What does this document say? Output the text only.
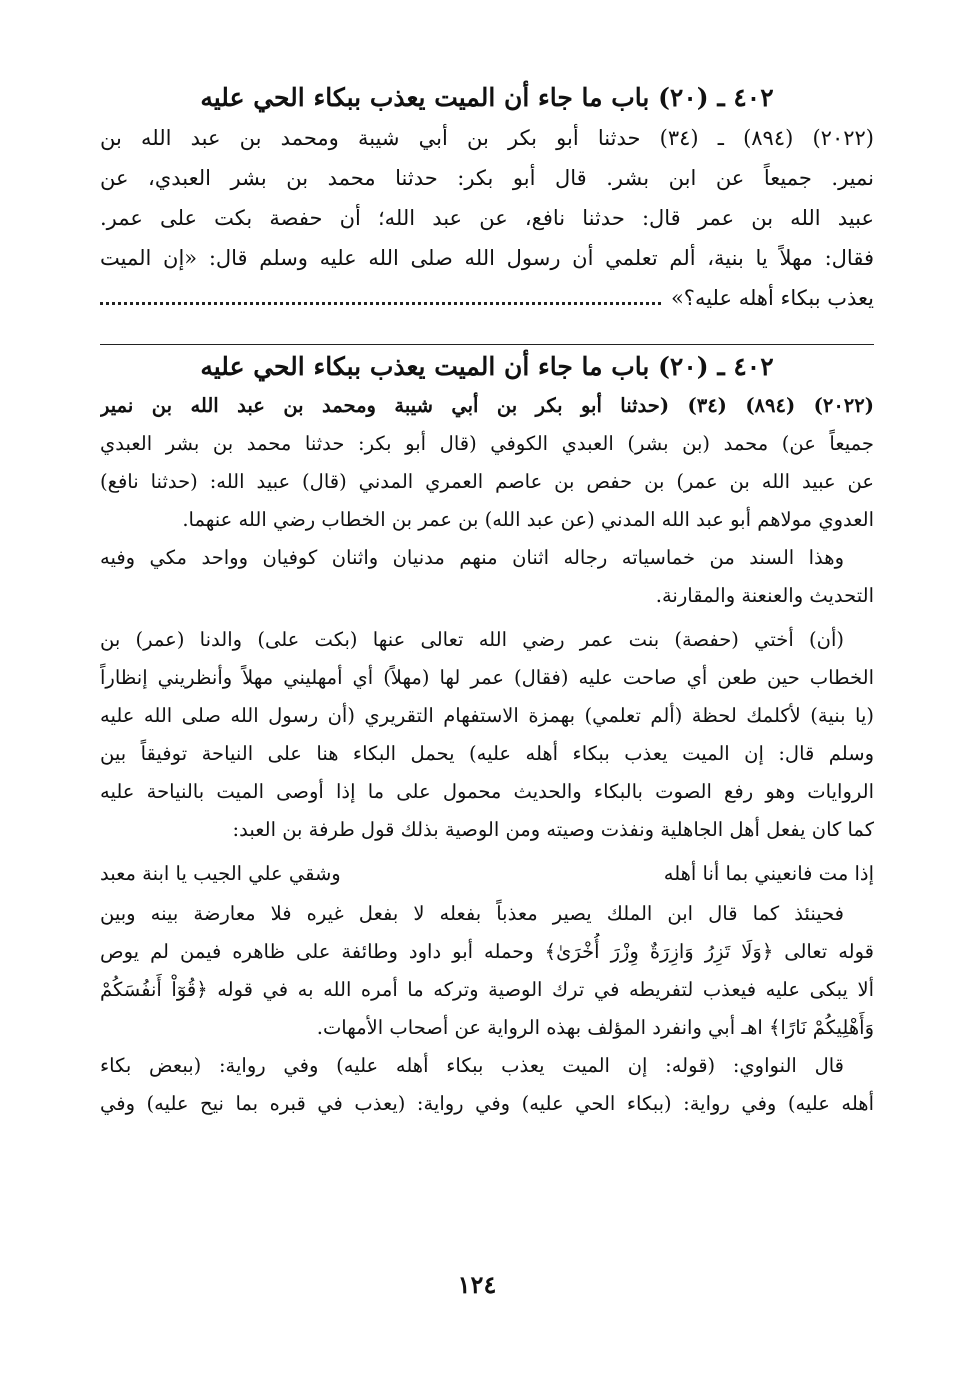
٤٠٢ ـ (٢٠) باب ما جاء أن الميت يعذب ببكاء الحي عليه
(٢٠٢٢) (٨٩٤) ـ (٣٤) حدثنا أبو بكر بن أبي شيبة ومحمد بن عبد الله بن
نمير. جميعاً عن ابن بشر. قال أبو بكر: حدثنا محمد بن بشر العبدي، عن
عبيد الله بن عمر قال: حدثنا نافع، عن عبد الله؛ أن حفصة بكت على عمر.
فقال: مهلاً يا بنية، ألم تعلمي أن رسول الله صلى الله عليه وسلم قال: «إن الميت
يعذب ببكاء أهله عليه؟»
٤٠٢ ـ (٢٠) باب ما جاء أن الميت يعذب ببكاء الحي عليه
(٢٠٢٢) (٨٩٤) (٣٤) (حدثنا أبو بكر بن أبي شيبة ومحمد بن عبد الله بن نمير
جميعاً عن) محمد (بن بشر) العبدي الكوفي (قال أبو بكر: حدثنا محمد بن بشر العبدي
عن عبيد الله بن عمر) بن حفص بن عاصم العمري المدني (قال) عبيد الله: (حدثنا نافع)
العدوي مولاهم أبو عبد الله المدني (عن عبد الله) بن عمر بن الخطاب رضي الله عنهما.
وهذا السند من خماسياته رجاله اثنان منهم مدنيان واثنان كوفيان وواحد مكي وفيه
التحديث والعنعنة والمقارنة.
(أن) أختي (حفصة) بنت عمر رضي الله تعالى عنها (بكت على) والدنا (عمر) بن
الخطاب حين طعن أي صاحت عليه (فقال) عمر لها (مهلاً) أي أمهليني مهلاً وأنظريني إنظاراً
(يا بنية) لأكلمك لحظة (ألم تعلمي) بهمزة الاستفهام التقريري (أن رسول الله صلى الله عليه
وسلم قال: إن الميت يعذب ببكاء أهله عليه) يحمل البكاء هنا على النياحة توفيقاً بين
الروايات وهو رفع الصوت بالبكاء والحديث محمول على ما إذا أوصى الميت بالنياحة عليه
كما كان يفعل أهل الجاهلية ونفذت وصيته ومن الوصية بذلك قول طرفة بن العبد:
إذا مت فانعيني بما أنا أهله
وشقي علي الجيب يا ابنة معبد
فحينئذ كما قال ابن الملك يصير معذباً بفعله لا بفعل غيره فلا معارضة بينه وبين
قوله تعالى ﴿وَلَا تَزِرُ وَازِرَةٌ وِزْرَ أُخْرَىٰ﴾ وحمله أبو داود وطائفة على ظاهره فيمن لم يوص
ألا يبكى عليه فيعذب لتفريطه في ترك الوصية وتركه ما أمره الله به في قوله ﴿قُوٓاْ أَنفُسَكُمْ
وَأَهْلِيكُمْ نَارًا﴾ اهـ أبي وانفرد المؤلف بهذه الرواية عن أصحاب الأمهات.
قال النواوي: (قوله: إن الميت يعذب ببكاء أهله عليه) وفي رواية: (ببعض بكاء
أهله عليه) وفي رواية: (ببكاء الحي عليه) وفي رواية: (يعذب في قبره بما نيح عليه) وفي
١٢٤
